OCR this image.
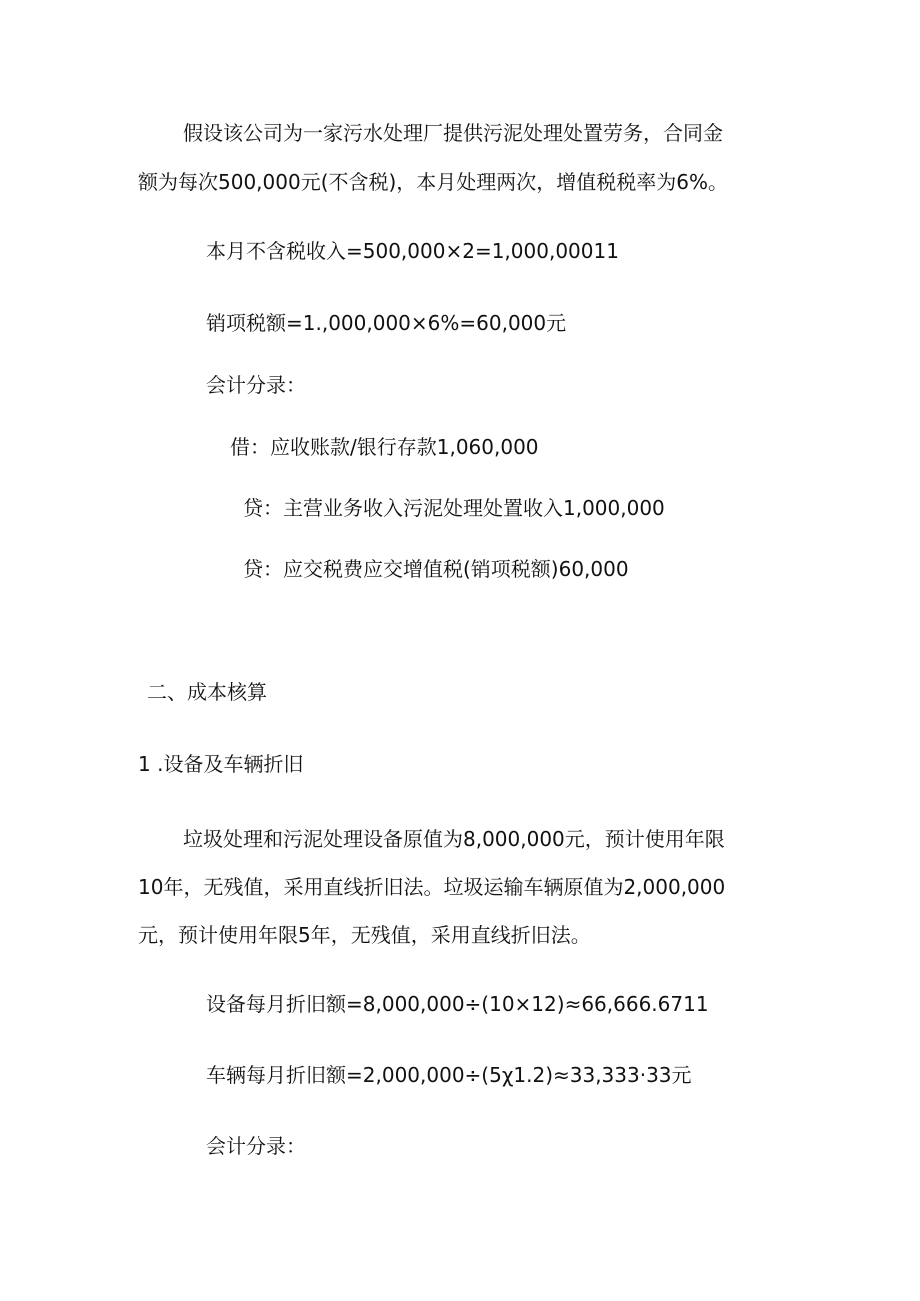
假设该公司为一家污水处理厂提供污泥处理处置劳务，合同金
额为每次500,000元(不含税)，本月处理两次，增值税税率为6%。
本月不含税收入=500,000×2=1,000,00011
销项税额=1.,000,000×6%=60,000元
会计分录：
借：应收账款/银行存款1,060,000
贷：主营业务收入污泥处理处置收入1,000,000
贷：应交税费应交增值税(销项税额)60,000
二、成本核算
1 .设备及车辆折旧
垃圾处理和污泥处理设备原值为8,000,000元，预计使用年限
10年，无残值，采用直线折旧法。垃圾运输车辆原值为2,000,000
元，预计使用年限5年，无残值，采用直线折旧法。
设备每月折旧额=8,000,000÷(10×12)≈66,666.6711
车辆每月折旧额=2,000,000÷(5χ1.2)≈33,333·33元
会计分录：
